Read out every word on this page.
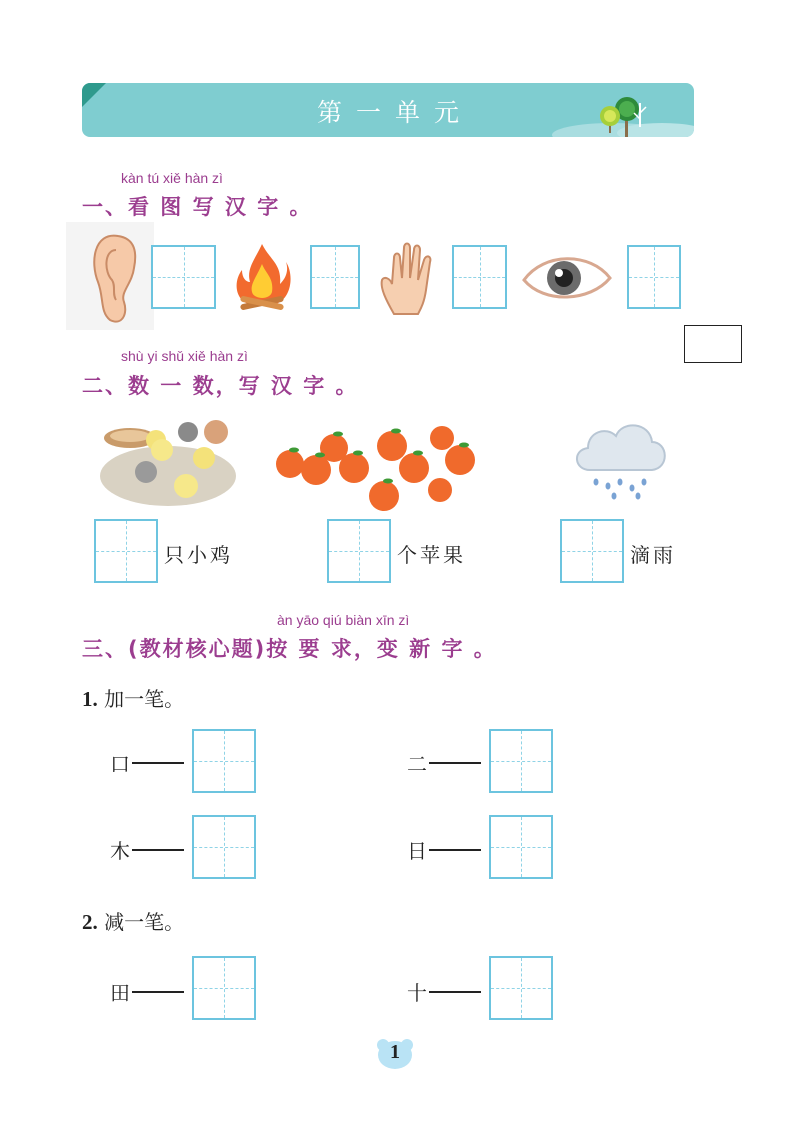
第一单元
kàn tú xiě hàn zì
一、看 图 写 汉 字 。
shù yi shǔ xiě hàn zì
二、数 一 数，写 汉 字 。
只小鸡	个苹果	滴雨
àn yāo qiú biàn xīn zì
三、(教材核心题)按 要 求，变 新 字 。
1. 加一笔。
口	二
木	日
2. 减一笔。
田	十
1
